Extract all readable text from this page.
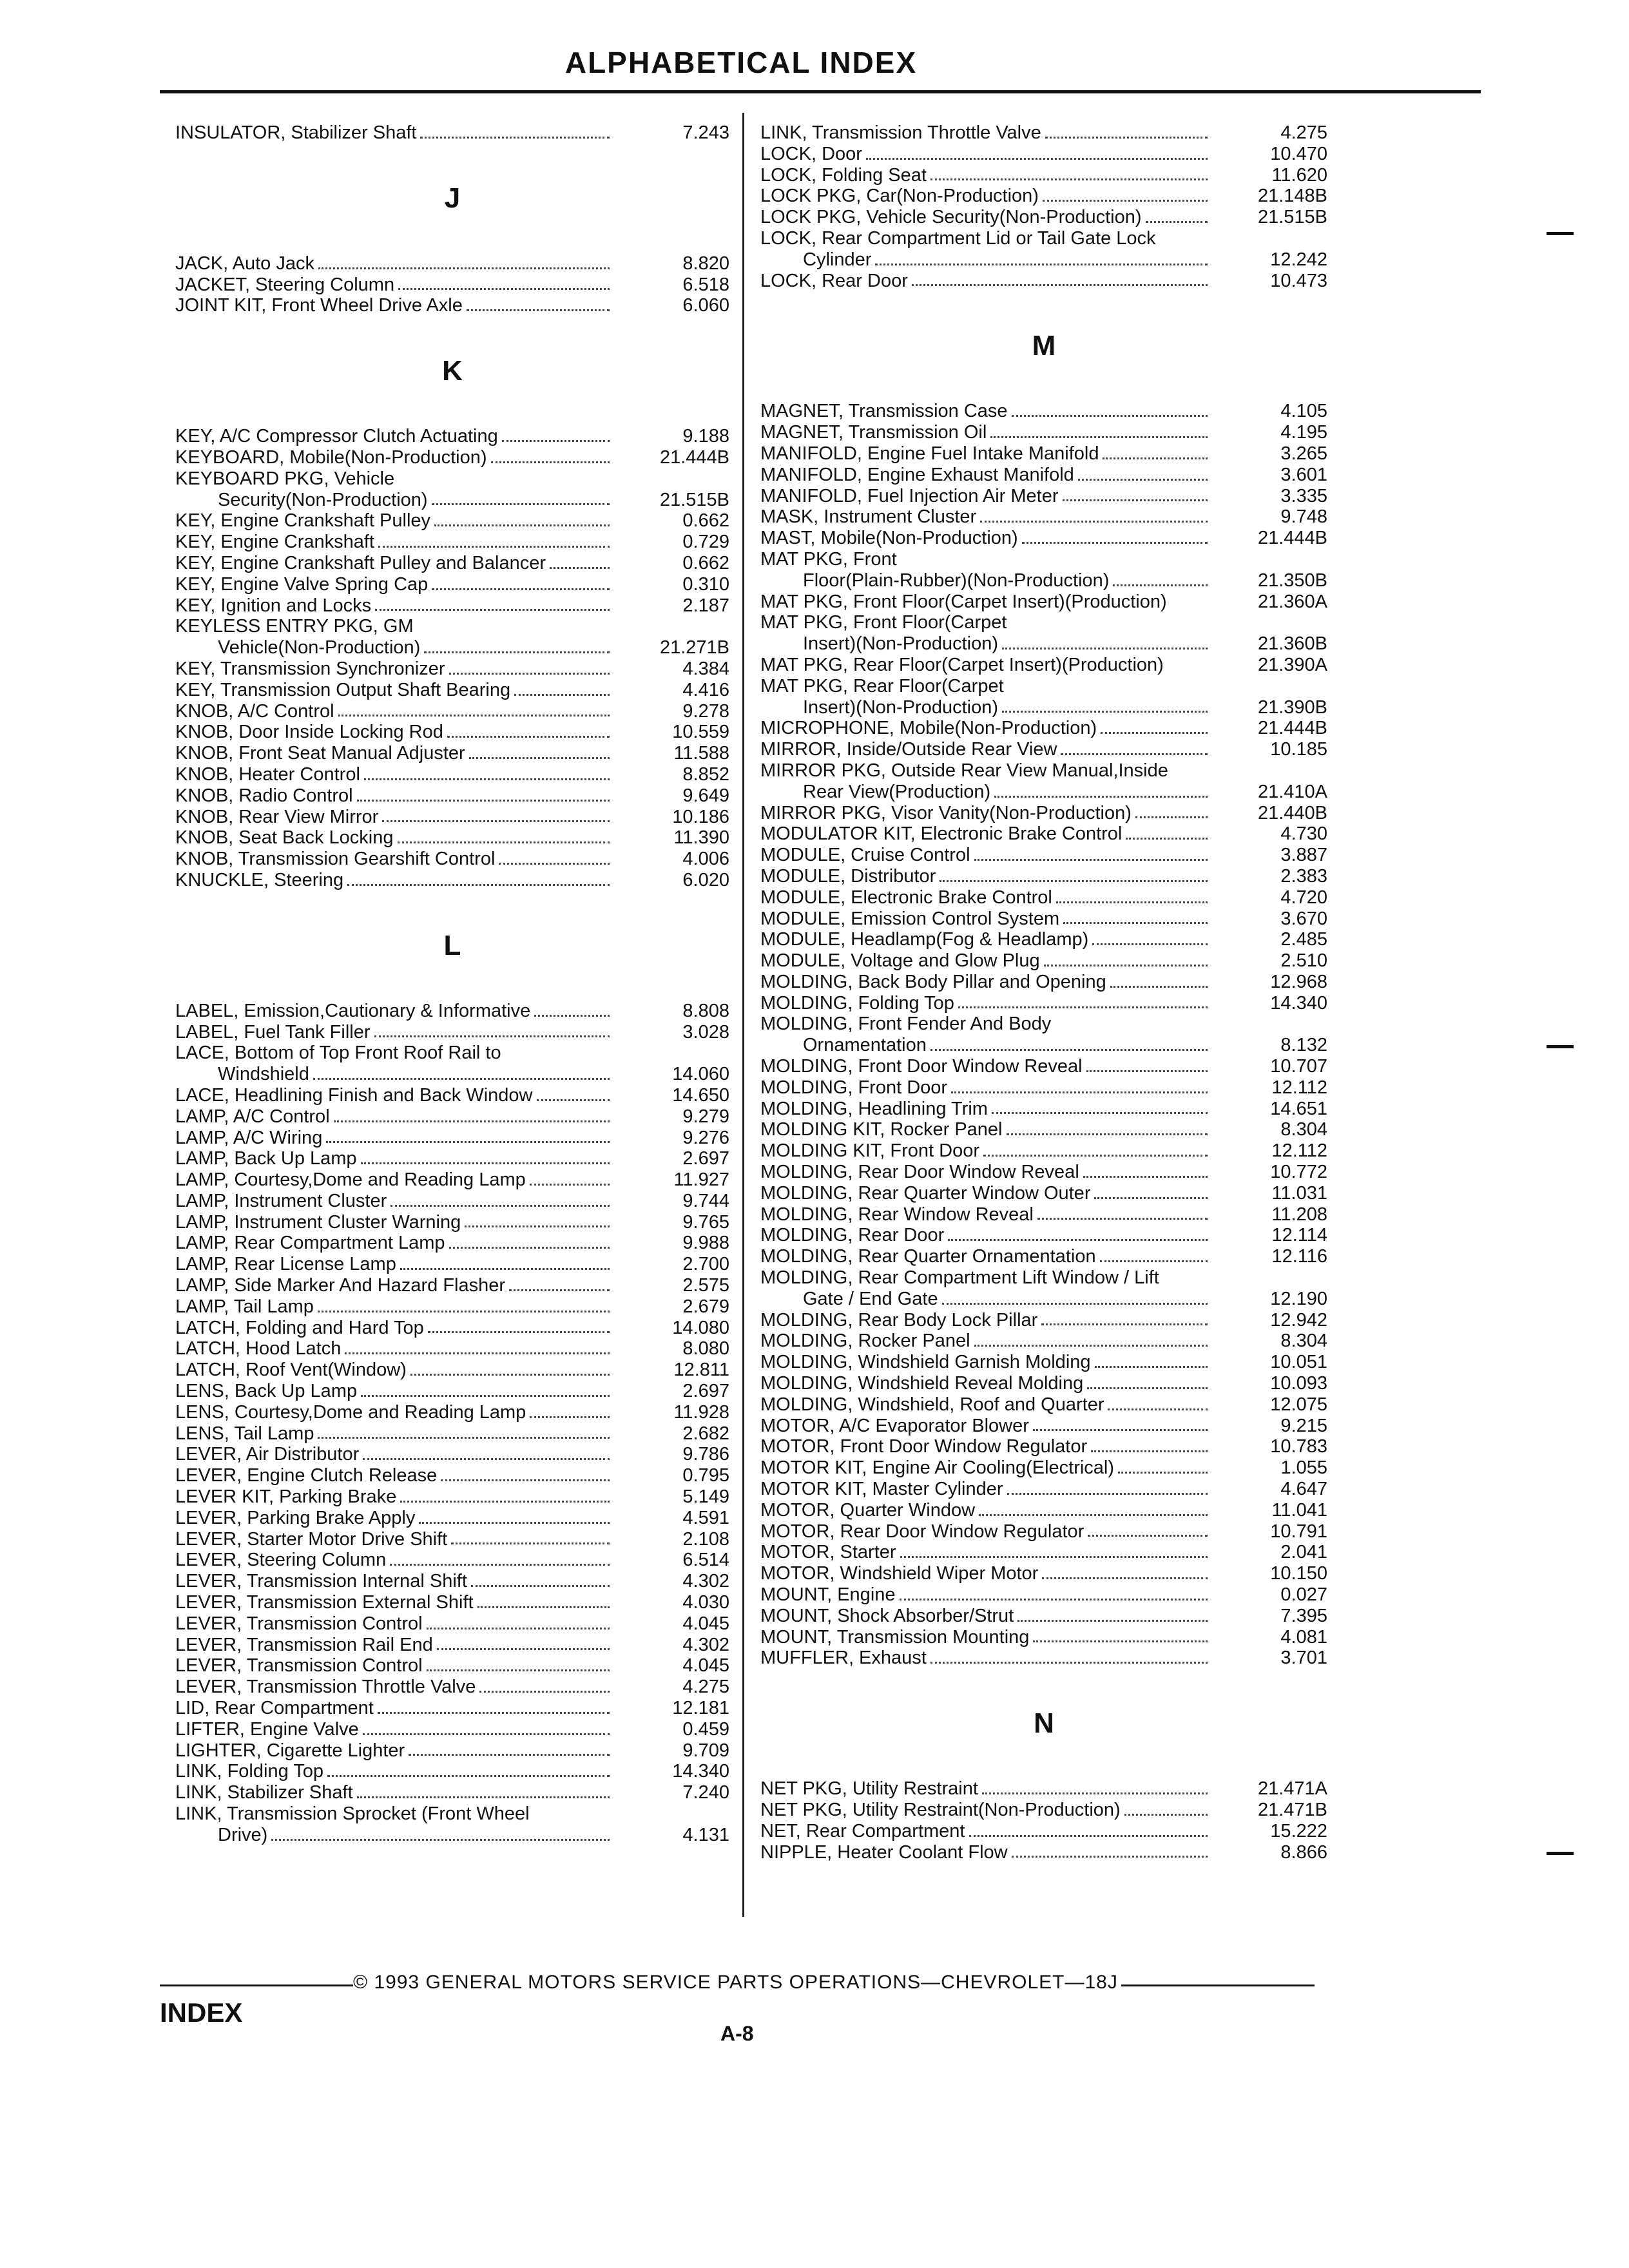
ALPHABETICAL INDEX
INSULATOR, Stabilizer Shaft	7.243
J
JACK, Auto Jack	8.820
JACKET, Steering Column	6.518
JOINT KIT, Front Wheel Drive Axle	6.060
K
KEY, A/C Compressor Clutch Actuating	9.188
KEYBOARD, Mobile(Non-Production)	21.444B
KEYBOARD PKG, Vehicle
Security(Non-Production)	21.515B
KEY, Engine Crankshaft Pulley	0.662
KEY, Engine Crankshaft	0.729
KEY, Engine Crankshaft Pulley and Balancer	0.662
KEY, Engine Valve Spring Cap	0.310
KEY, Ignition and Locks	2.187
KEYLESS ENTRY PKG, GM
Vehicle(Non-Production)	21.271B
KEY, Transmission Synchronizer	4.384
KEY, Transmission Output Shaft Bearing	4.416
KNOB, A/C Control	9.278
KNOB, Door Inside Locking Rod	10.559
KNOB, Front Seat Manual Adjuster	11.588
KNOB, Heater Control	8.852
KNOB, Radio Control	9.649
KNOB, Rear View Mirror	10.186
KNOB, Seat Back Locking	11.390
KNOB, Transmission Gearshift Control	4.006
KNUCKLE, Steering	6.020
L
LABEL, Emission,Cautionary & Informative	8.808
LABEL, Fuel Tank Filler	3.028
LACE, Bottom of Top Front Roof Rail to
Windshield	14.060
LACE, Headlining Finish and Back Window	14.650
LAMP, A/C Control	9.279
LAMP, A/C Wiring	9.276
LAMP, Back Up Lamp	2.697
LAMP, Courtesy,Dome and Reading Lamp	11.927
LAMP, Instrument Cluster	9.744
LAMP, Instrument Cluster Warning	9.765
LAMP, Rear Compartment Lamp	9.988
LAMP, Rear License Lamp	2.700
LAMP, Side Marker And Hazard Flasher	2.575
LAMP, Tail Lamp	2.679
LATCH, Folding and Hard Top	14.080
LATCH, Hood Latch	8.080
LATCH, Roof Vent(Window)	12.811
LENS, Back Up Lamp	2.697
LENS, Courtesy,Dome and Reading Lamp	11.928
LENS, Tail Lamp	2.682
LEVER, Air Distributor	9.786
LEVER, Engine Clutch Release	0.795
LEVER KIT, Parking Brake	5.149
LEVER, Parking Brake Apply	4.591
LEVER, Starter Motor Drive Shift	2.108
LEVER, Steering Column	6.514
LEVER, Transmission Internal Shift	4.302
LEVER, Transmission External Shift	4.030
LEVER, Transmission Control	4.045
LEVER, Transmission Rail End	4.302
LEVER, Transmission Control	4.045
LEVER, Transmission Throttle Valve	4.275
LID, Rear Compartment	12.181
LIFTER, Engine Valve	0.459
LIGHTER, Cigarette Lighter	9.709
LINK, Folding Top	14.340
LINK, Stabilizer Shaft	7.240
LINK, Transmission Sprocket (Front Wheel
Drive)	4.131
LINK, Transmission Throttle Valve	4.275
LOCK, Door	10.470
LOCK, Folding Seat	11.620
LOCK PKG, Car(Non-Production)	21.148B
LOCK PKG, Vehicle Security(Non-Production)	21.515B
LOCK, Rear Compartment Lid or Tail Gate Lock
Cylinder	12.242
LOCK, Rear Door	10.473
M
MAGNET, Transmission Case	4.105
MAGNET, Transmission Oil	4.195
MANIFOLD, Engine Fuel Intake Manifold	3.265
MANIFOLD, Engine Exhaust Manifold	3.601
MANIFOLD, Fuel Injection Air Meter	3.335
MASK, Instrument Cluster	9.748
MAST, Mobile(Non-Production)	21.444B
MAT PKG, Front
Floor(Plain-Rubber)(Non-Production)	21.350B
MAT PKG, Front Floor(Carpet Insert)(Production)	21.360A
MAT PKG, Front Floor(Carpet
Insert)(Non-Production)	21.360B
MAT PKG, Rear Floor(Carpet Insert)(Production)	21.390A
MAT PKG, Rear Floor(Carpet
Insert)(Non-Production)	21.390B
MICROPHONE, Mobile(Non-Production)	21.444B
MIRROR, Inside/Outside Rear View	10.185
MIRROR PKG, Outside Rear View Manual,Inside
Rear View(Production)	21.410A
MIRROR PKG, Visor Vanity(Non-Production)	21.440B
MODULATOR KIT, Electronic Brake Control	4.730
MODULE, Cruise Control	3.887
MODULE, Distributor	2.383
MODULE, Electronic Brake Control	4.720
MODULE, Emission Control System	3.670
MODULE, Headlamp(Fog & Headlamp)	2.485
MODULE, Voltage and Glow Plug	2.510
MOLDING, Back Body Pillar and Opening	12.968
MOLDING, Folding Top	14.340
MOLDING, Front Fender And Body
Ornamentation	8.132
MOLDING, Front Door Window Reveal	10.707
MOLDING, Front Door	12.112
MOLDING, Headlining Trim	14.651
MOLDING KIT, Rocker Panel	8.304
MOLDING KIT, Front Door	12.112
MOLDING, Rear Door Window Reveal	10.772
MOLDING, Rear Quarter Window Outer	11.031
MOLDING, Rear Window Reveal	11.208
MOLDING, Rear Door	12.114
MOLDING, Rear Quarter Ornamentation	12.116
MOLDING, Rear Compartment Lift Window / Lift
Gate / End Gate	12.190
MOLDING, Rear Body Lock Pillar	12.942
MOLDING, Rocker Panel	8.304
MOLDING, Windshield Garnish Molding	10.051
MOLDING, Windshield Reveal Molding	10.093
MOLDING, Windshield, Roof and Quarter	12.075
MOTOR, A/C Evaporator Blower	9.215
MOTOR, Front Door Window Regulator	10.783
MOTOR KIT, Engine Air Cooling(Electrical)	1.055
MOTOR KIT, Master Cylinder	4.647
MOTOR, Quarter Window	11.041
MOTOR, Rear Door Window Regulator	10.791
MOTOR, Starter	2.041
MOTOR, Windshield Wiper Motor	10.150
MOUNT, Engine	0.027
MOUNT, Shock Absorber/Strut	7.395
MOUNT, Transmission Mounting	4.081
MUFFLER, Exhaust	3.701
N
NET PKG, Utility Restraint	21.471A
NET PKG, Utility Restraint(Non-Production)	21.471B
NET, Rear Compartment	15.222
NIPPLE, Heater Coolant Flow	8.866
© 1993 GENERAL MOTORS SERVICE PARTS OPERATIONS—CHEVROLET—18J
INDEX
A-8
